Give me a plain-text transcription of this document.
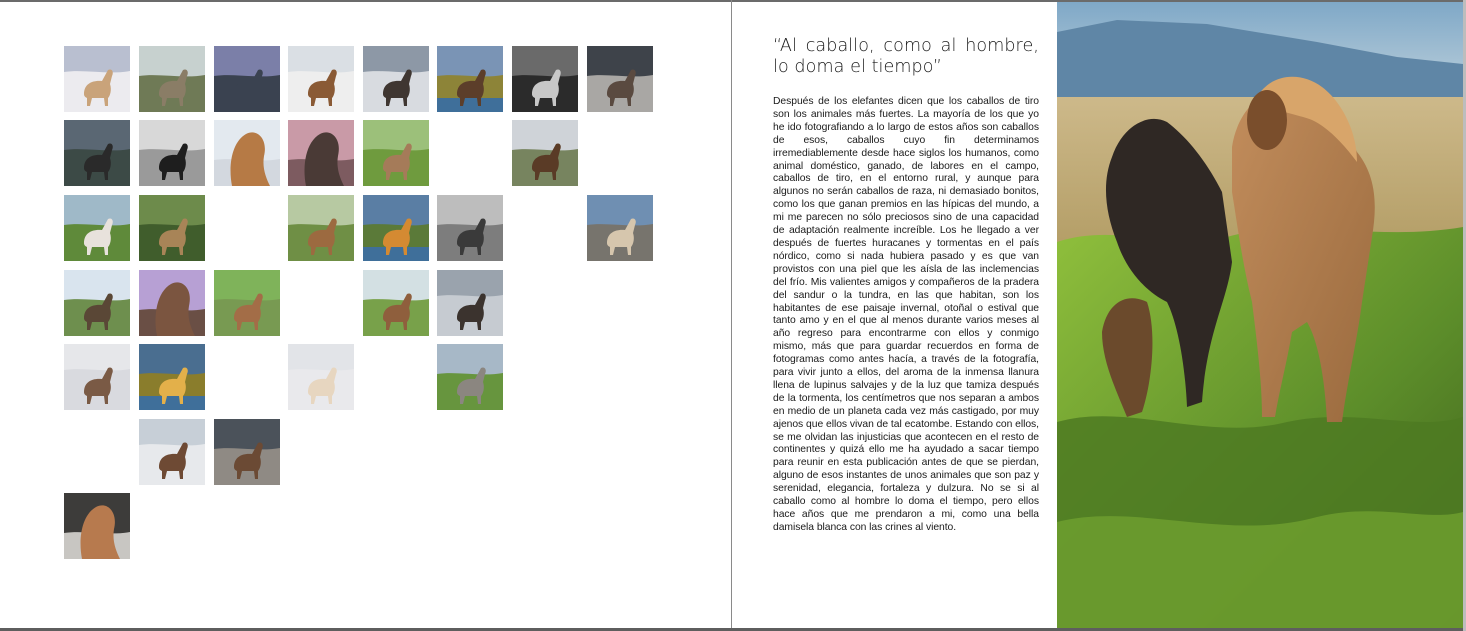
“Al caballo, como al hombre, lo doma el tiempo”
Después de los elefantes dicen que los caballos de tiro son los animales más fuertes. La mayoría de los que yo he ido fotografiando a lo largo de estos años son caballos de esos, caballos cuyo fin determinamos irremediablemente desde hace siglos los humanos, como animal doméstico, ganado, de labores en el campo, caballos de tiro, en el entorno rural, y aunque para algunos no serán caballos de raza, ni demasiado bonitos, como los que ganan premios en las hípicas del mundo, a mi me parecen no sólo preciosos sino de una capacidad de adaptación realmente increíble. Los he llegado a ver después de fuertes huracanes y tormentas en el país nórdico, como si nada hubiera pasado y es que van provistos con una piel que les aísla de las inclemencias del frío. Mis valientes amigos y compañeros de la pradera del sandur o la tundra, en las que habitan, son los habitantes de ese paisaje invernal, otoñal o estival que tanto amo y en el que al menos durante varios meses al año regreso para encontrarme con ellos y conmigo mismo, más que para guardar recuerdos en forma de fotogramas como antes hacía, a través de la fotografía, para vivir junto a ellos, del aroma de la inmensa llanura llena de lupinus salvajes y de la luz que tamiza después de la tormenta, los centímetros que nos separan a ambos en medio de un planeta cada vez más castigado, por muy ajenos que ellos vivan de tal ecatombe. Estando con ellos, se me olvidan las injusticias que acontecen en el resto de continentes y quizá ello me ha ayudado a sacar tiempo para reunir en esta publicación antes de que se pierdan, alguno de esos instantes de unos animales que son paz y serenidad, elegancia, fortaleza y dulzura. No se si al caballo como al hombre lo doma el tiempo, pero ellos hace años que me prendaron a mi, como una bella damisela blanca con las crines al viento.
